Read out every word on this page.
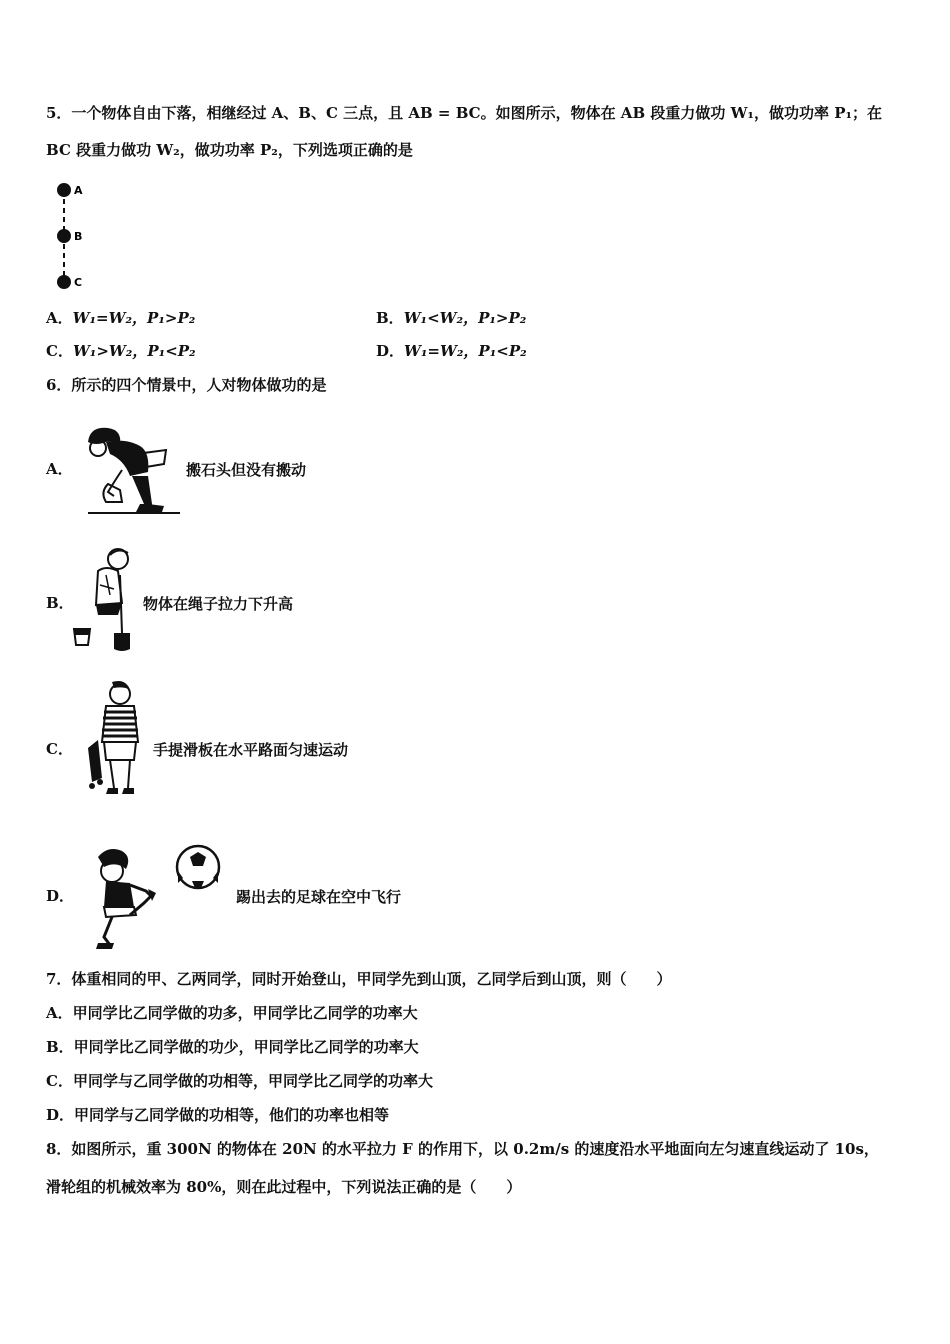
5．一个物体自由下落，相继经过 A、B、C 三点，且 AB = BC。如图所示，物体在 AB 段重力做功 W₁，做功功率 P₁；在
BC 段重力做功 W₂，做功功率 P₂，下列选项正确的是
A
B
C
A．W₁=W₂，P₁>P₂	B．W₁<W₂，P₁>P₂
C．W₁>W₂，P₁<P₂	D．W₁=W₂，P₁<P₂
6．所示的四个情景中，人对物体做功的是
A．	搬石头但没有搬动
B．	物体在绳子拉力下升高
C．	手提滑板在水平路面匀速运动
D．	踢出去的足球在空中飞行
7．体重相同的甲、乙两同学，同时开始登山，甲同学先到山顶，乙同学后到山顶，则（　　）
A．甲同学比乙同学做的功多，甲同学比乙同学的功率大
B．甲同学比乙同学做的功少，甲同学比乙同学的功率大
C．甲同学与乙同学做的功相等，甲同学比乙同学的功率大
D．甲同学与乙同学做的功相等，他们的功率也相等
8．如图所示，重 300N 的物体在 20N 的水平拉力 F 的作用下，以 0.2m/s 的速度沿水平地面向左匀速直线运动了 10s，
滑轮组的机械效率为 80%，则在此过程中，下列说法正确的是（　　）
